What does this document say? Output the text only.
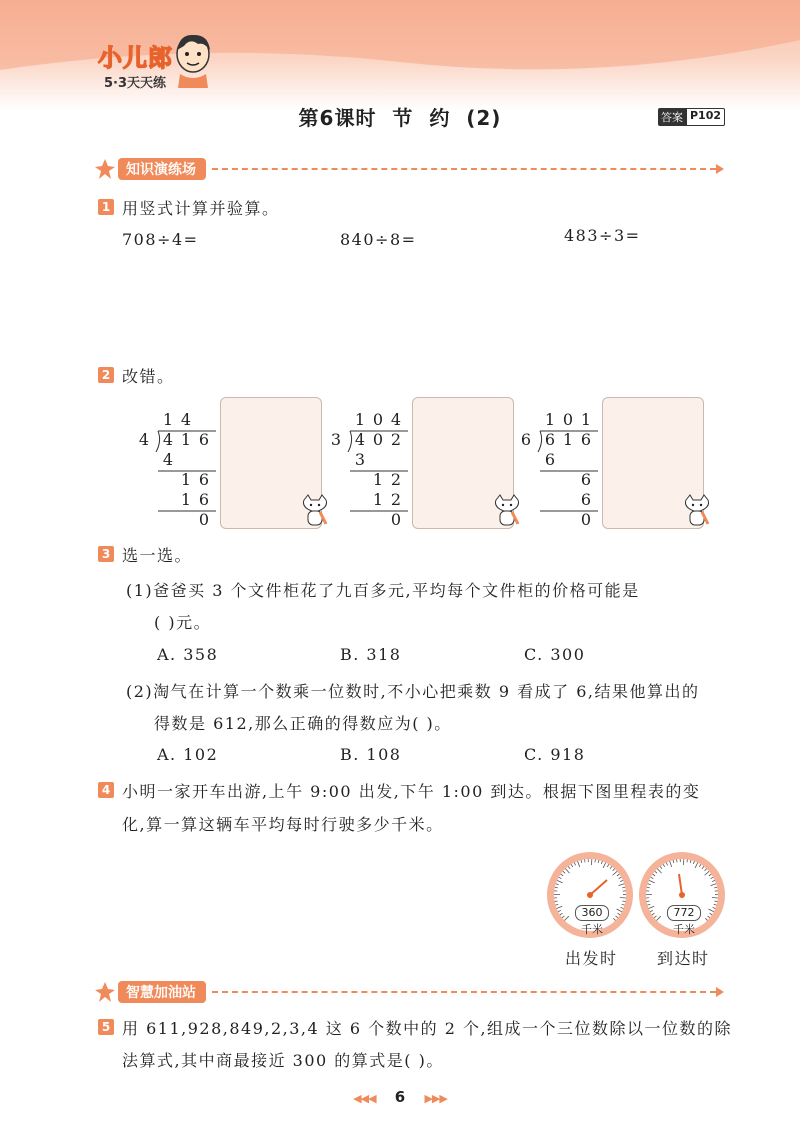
小儿郎
5·3天天练
第6课时  节  约  (2)	答案 P102
知识演练场
1 用竖式计算并验算。
708÷4=	840÷8=	483÷3=
2 改错。
1 4
4 4 1 6
4
1 6
1 6
0
1 0 4
3 4 0 2
3
1 2
1 2
0
1 0 1
6 6 1 6
6
6
6
0
3 选一选。
(1)爸爸买 3 个文件柜花了九百多元,平均每个文件柜的价格可能是
( )元。
A. 358	B. 318	C. 300
(2)淘气在计算一个数乘一位数时,不小心把乘数 9 看成了 6,结果他算出的
得数是 612,那么正确的得数应为( )。
A. 102	B. 108	C. 918
4 小明一家开车出游,上午 9:00 出发,下午 1:00 到达。根据下图里程表的变
化,算一算这辆车平均每时行驶多少千米。
360
千米
出发时
772
千米
到达时
智慧加油站
5 用 611,928,849,2,3,4 这 6 个数中的 2 个,组成一个三位数除以一位数的除
法算式,其中商最接近 300 的算式是( )。
◀◀◀ 6 ▶▶▶
